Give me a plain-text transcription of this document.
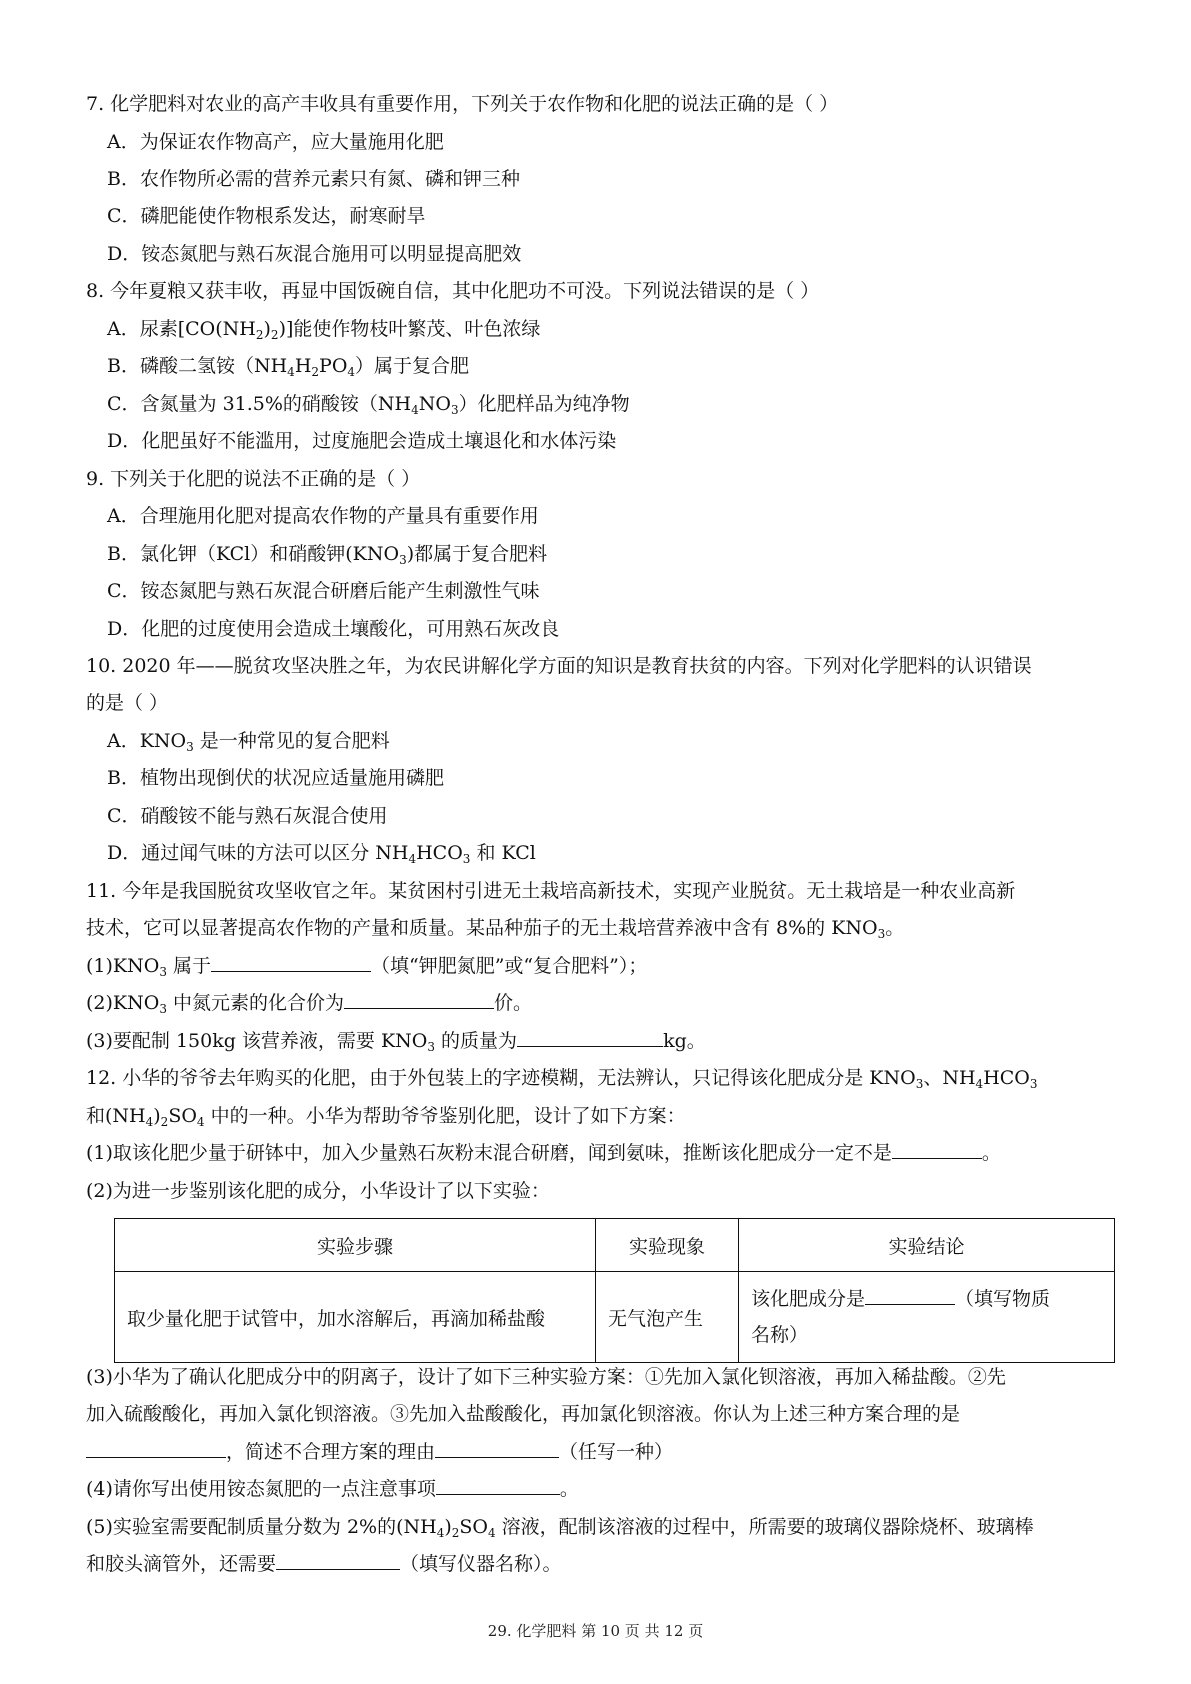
7. 化学肥料对农业的高产丰收具有重要作用，下列关于农作物和化肥的说法正确的是（ ）
A．为保证农作物高产，应大量施用化肥
B．农作物所必需的营养元素只有氮、磷和钾三种
C．磷肥能使作物根系发达，耐寒耐旱
D．铵态氮肥与熟石灰混合施用可以明显提高肥效
8. 今年夏粮又获丰收，再显中国饭碗自信，其中化肥功不可没。下列说法错误的是（ ）
A．尿素$[CO(NH_2)_2)$]能使作物枝叶繁茂、叶色浓绿
B．磷酸二氢铵$(NH_4H_2PO_4)$属于复合肥
C．含氮量为 31.5%的硝酸铵$(NH_4NO_3)$化肥样品为纯净物
D．化肥虽好不能滥用，过度施肥会造成土壤退化和水体污染
9. 下列关于化肥的说法不正确的是（ ）
A．合理施用化肥对提高农作物的产量具有重要作用
B．氯化钾（KCl）和硝酸钾$(KNO_3)$都属于复合肥料
C．铵态氮肥与熟石灰混合研磨后能产生刺激性气味
D．化肥的过度使用会造成土壤酸化，可用熟石灰改良
10. 2020 年——脱贫攻坚决胜之年，为农民讲解化学方面的知识是教育扶贫的内容。下列对化学肥料的认识错误
的是（ ）
A．$KNO_3$ 是一种常见的复合肥料
B．植物出现倒伏的状况应适量施用磷肥
C．硝酸铵不能与熟石灰混合使用
D．通过闻气味的方法可以区分 $NH_4HCO_3$ 和 KCl
11. 今年是我国脱贫攻坚收官之年。某贫困村引进无土栽培高新技术，实现产业脱贫。无土栽培是一种农业高新
技术，它可以显著提高农作物的产量和质量。某品种茄子的无土栽培营养液中含有 8%的 $KNO_3$。
$(1)KNO_3$ 属于	（填“钾肥氮肥”或“复合肥料”）；
$(2)KNO_3$ 中氮元素的化合价为	价。
(3)要配制 150kg 该营养液，需要 $KNO_3$ 的质量为	kg。
12. 小华的爷爷去年购买的化肥，由于外包装上的字迹模糊，无法辨认，只记得该化肥成分是 $KNO_3$、$NH_4HCO_3$
和$(NH_4)_2SO_4$ 中的一种。小华为帮助爷爷鉴别化肥，设计了如下方案：
(1)取该化肥少量于研钵中，加入少量熟石灰粉末混合研磨，闻到氨味，推断该化肥成分一定不是	。
(2)为进一步鉴别该化肥的成分，小华设计了以下实验：
实验步骤	实验现象	实验结论
取少量化肥于试管中，加水溶解后，再滴加稀盐酸	无气泡产生	该化肥成分是 （填写物质
名称）
(3)小华为了确认化肥成分中的阴离子，设计了如下三种实验方案：①先加入氯化钡溶液，再加入稀盐酸。②先
加入硫酸酸化，再加入氯化钡溶液。③先加入盐酸酸化，再加氯化钡溶液。你认为上述三种方案合理的是
，简述不合理方案的理由	（任写一种）
(4)请你写出使用铵态氮肥的一点注意事项	。
(5)实验室需要配制质量分数为 2%的$(NH_4)_2SO_4$ 溶液，配制该溶液的过程中，所需要的玻璃仪器除烧杯、玻璃棒
和胶头滴管外，还需要	（填写仪器名称）。
29. 化学肥料 第 10 页 共 12 页
